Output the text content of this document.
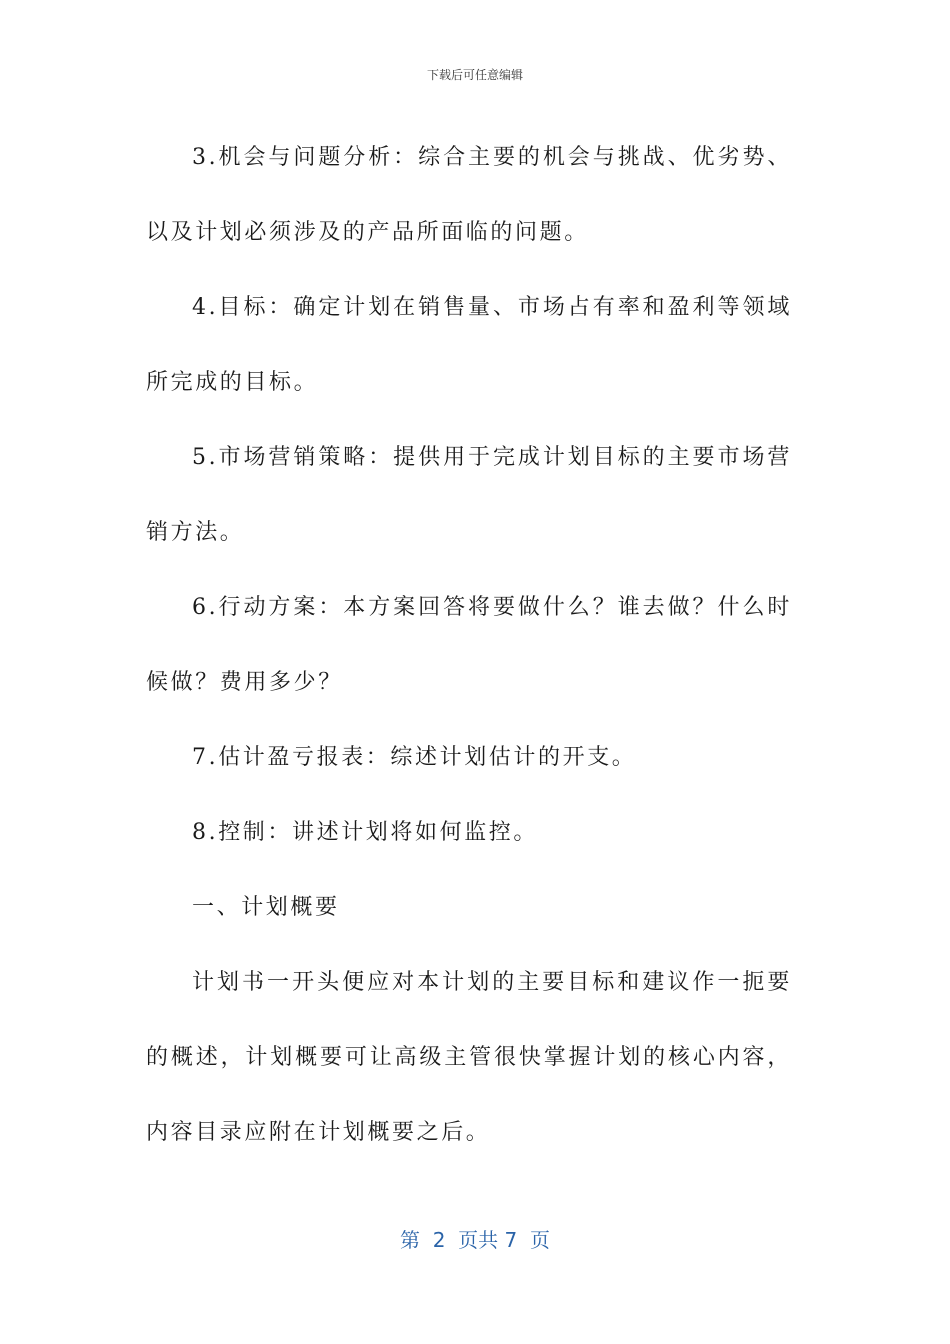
下载后可任意编辑

3.机会与问题分析：综合主要的机会与挑战、优劣势、以及计划必须涉及的产品所面临的问题。

4.目标：确定计划在销售量、市场占有率和盈利等领域所完成的目标。

5.市场营销策略：提供用于完成计划目标的主要市场营销方法。

6.行动方案：本方案回答将要做什么？谁去做？什么时候做？费用多少？

7.估计盈亏报表：综述计划估计的开支。

8.控制：讲述计划将如何监控。

一、计划概要

计划书一开头便应对本计划的主要目标和建议作一扼要的概述，计划概要可让高级主管很快掌握计划的核心内容，内容目录应附在计划概要之后。

第  2  页共 7  页
